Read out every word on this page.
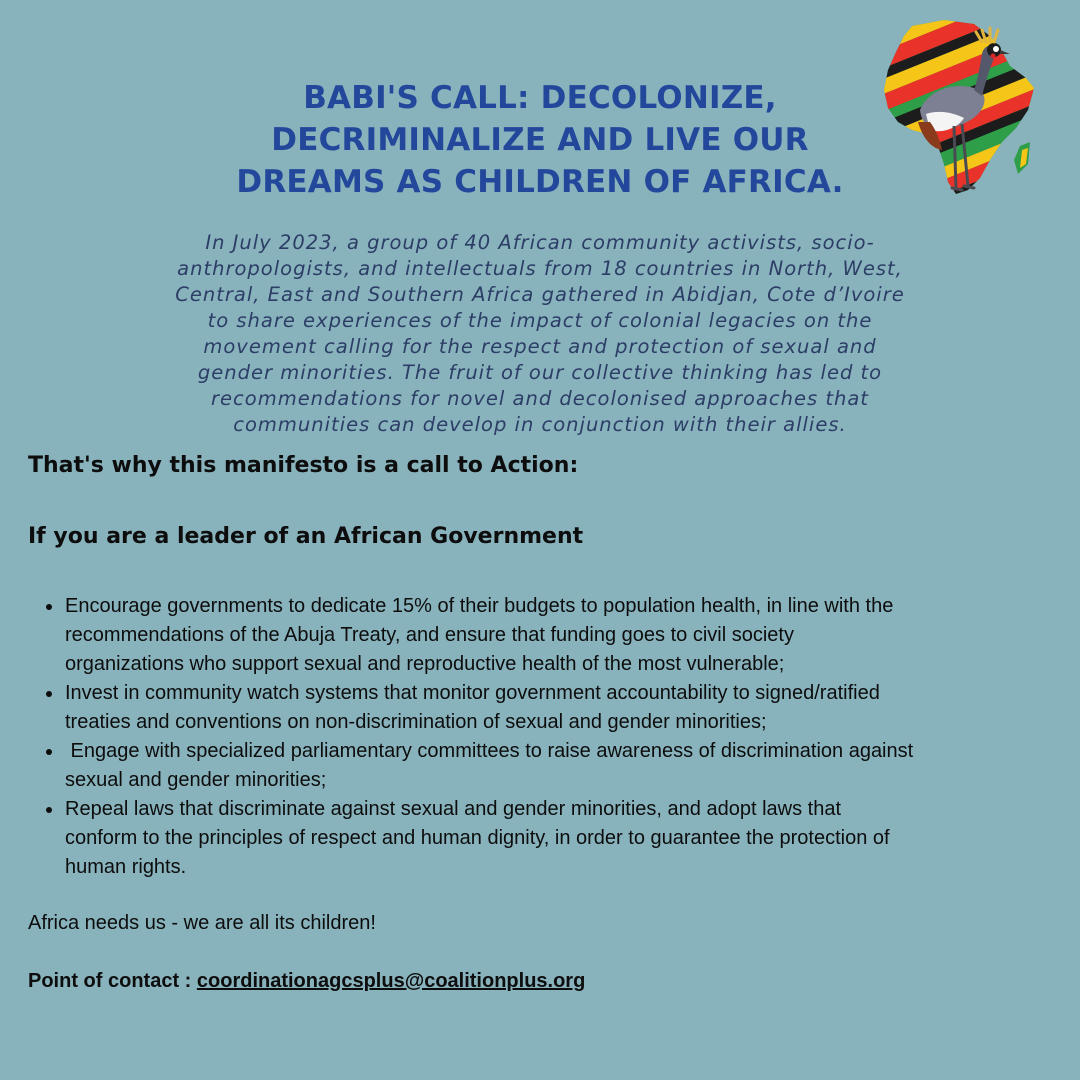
BABI'S CALL: DECOLONIZE,
DECRIMINALIZE AND LIVE OUR
DREAMS AS CHILDREN OF AFRICA.

In July 2023, a group of 40 African community activists, socio-
anthropologists, and intellectuals from 18 countries in North, West,
Central, East and Southern Africa gathered in Abidjan, Cote d’Ivoire
to share experiences of the impact of colonial legacies on the
movement calling for the respect and protection of sexual and
gender minorities. The fruit of our collective thinking has led to
recommendations for novel and decolonised approaches that
communities can develop in conjunction with their allies.

That's why this manifesto is a call to Action:
If you are a leader of an African Government
Encourage governments to dedicate 15% of their budgets to population health, in line with the
recommendations of the Abuja Treaty, and ensure that funding goes to civil society
organizations who support sexual and reproductive health of the most vulnerable;
Invest in community watch systems that monitor government accountability to signed/ratified
treaties and conventions on non-discrimination of sexual and gender minorities;
Engage with specialized parliamentary committees to raise awareness of discrimination against
sexual and gender minorities;
Repeal laws that discriminate against sexual and gender minorities, and adopt laws that
conform to the principles of respect and human dignity, in order to guarantee the protection of
human rights.

Africa needs us - we are all its children!

Point of contact : coordinationagcsplus@coalitionplus.org
